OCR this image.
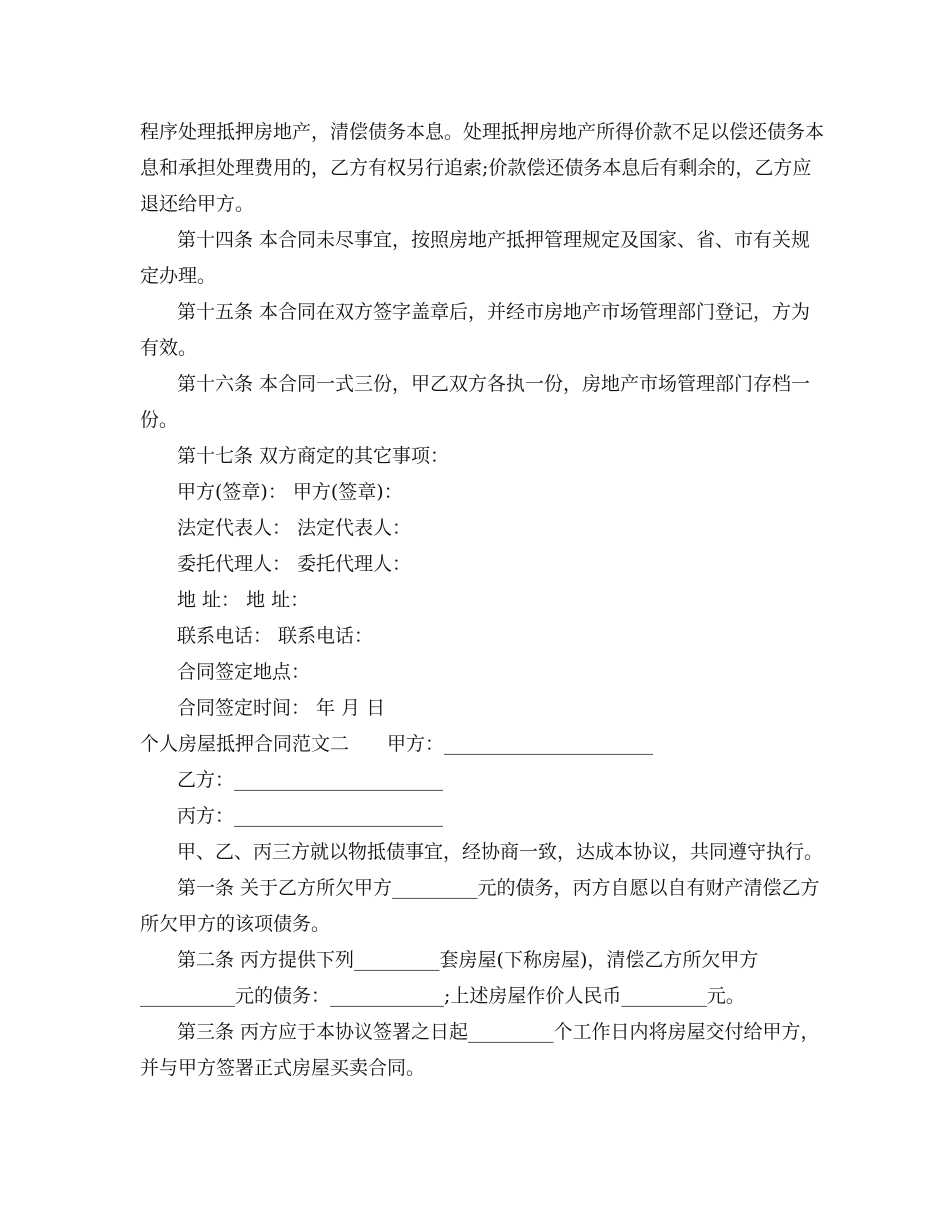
程序处理抵押房地产，清偿债务本息。处理抵押房地产所得价款不足以偿还债务本
息和承担处理费用的，乙方有权另行追索;价款偿还债务本息后有剩余的，乙方应
退还给甲方。
第十四条 本合同未尽事宜，按照房地产抵押管理规定及国家、省、市有关规
定办理。
第十五条 本合同在双方签字盖章后，并经市房地产市场管理部门登记，方为
有效。
第十六条 本合同一式三份，甲乙双方各执一份，房地产市场管理部门存档一
份。
第十七条 双方商定的其它事项：
甲方(签章)： 甲方(签章)：
法定代表人： 法定代表人：
委托代理人： 委托代理人：
地 址： 地 址：
联系电话： 联系电话：
合同签定地点：
合同签定时间： 年 月 日
个人房屋抵押合同范文二　　甲方：______________________
乙方：______________________
丙方：______________________
甲、乙、丙三方就以物抵债事宜，经协商一致，达成本协议，共同遵守执行。
第一条 关于乙方所欠甲方_________元的债务，丙方自愿以自有财产清偿乙方
所欠甲方的该项债务。
第二条 丙方提供下列_________套房屋(下称房屋)，清偿乙方所欠甲方
__________元的债务：____________;上述房屋作价人民币_________元。
第三条 丙方应于本协议签署之日起_________个工作日内将房屋交付给甲方，
并与甲方签署正式房屋买卖合同。
